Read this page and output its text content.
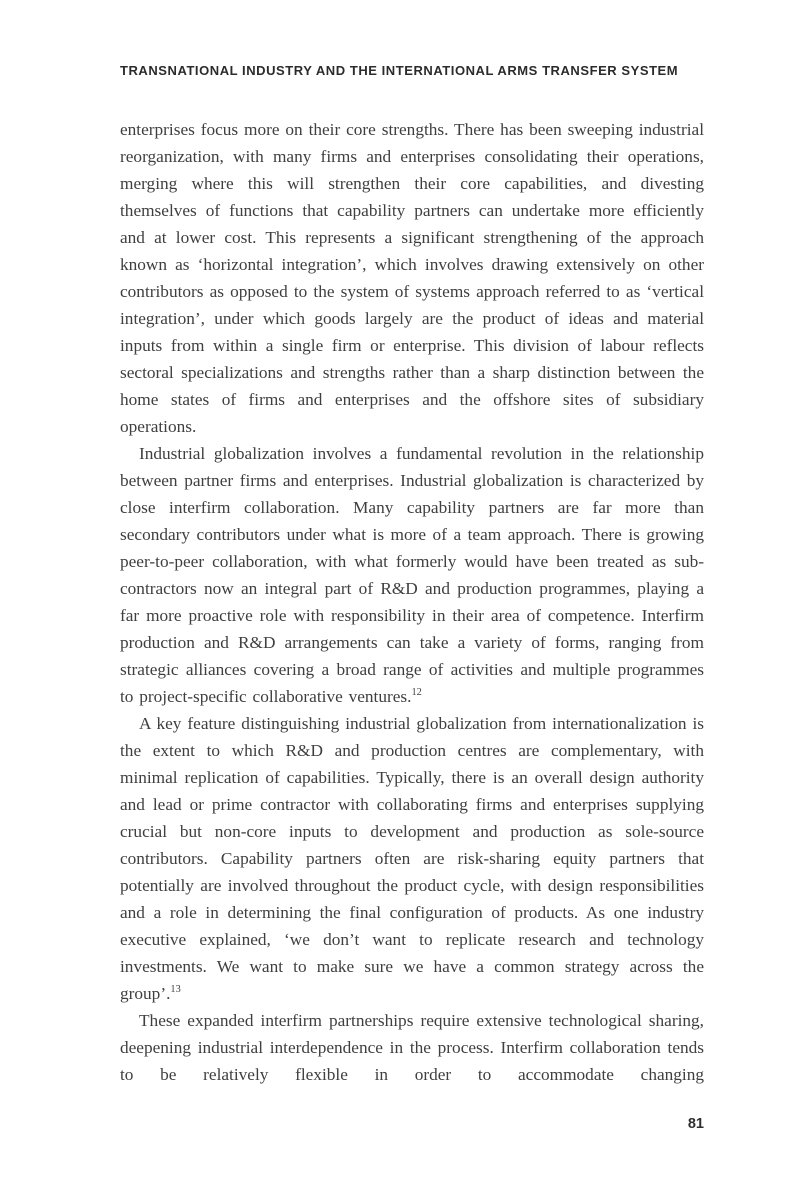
TRANSNATIONAL INDUSTRY AND THE INTERNATIONAL ARMS TRANSFER SYSTEM

enterprises focus more on their core strengths. There has been sweeping industrial reorganization, with many firms and enterprises consolidating their operations, merging where this will strengthen their core capabilities, and divesting themselves of functions that capability partners can undertake more efficiently and at lower cost. This represents a significant strengthening of the approach known as ‘horizontal integration’, which involves drawing extensively on other contributors as opposed to the system of systems approach referred to as ‘vertical integration’, under which goods largely are the product of ideas and material inputs from within a single firm or enterprise. This division of labour reflects sectoral specializations and strengths rather than a sharp distinction between the home states of firms and enterprises and the offshore sites of subsidiary operations.

Industrial globalization involves a fundamental revolution in the relationship between partner firms and enterprises. Industrial globalization is characterized by close interfirm collaboration. Many capability partners are far more than secondary contributors under what is more of a team approach. There is growing peer-to-peer collaboration, with what formerly would have been treated as sub-contractors now an integral part of R&D and production programmes, playing a far more proactive role with responsibility in their area of competence. Interfirm production and R&D arrangements can take a variety of forms, ranging from strategic alliances covering a broad range of activities and multiple programmes to project-specific collaborative ventures.$^{12}$

A key feature distinguishing industrial globalization from internationalization is the extent to which R&D and production centres are complementary, with minimal replication of capabilities. Typically, there is an overall design authority and lead or prime contractor with collaborating firms and enterprises supplying crucial but non-core inputs to development and production as sole-source contributors. Capability partners often are risk-sharing equity partners that potentially are involved throughout the product cycle, with design responsibilities and a role in determining the final configuration of products. As one industry executive explained, ‘we don’t want to replicate research and technology investments. We want to make sure we have a common strategy across the group’.$^{13}$

These expanded interfirm partnerships require extensive technological sharing, deepening industrial interdependence in the process. Interfirm collaboration tends to be relatively flexible in order to accommodate changing

81
